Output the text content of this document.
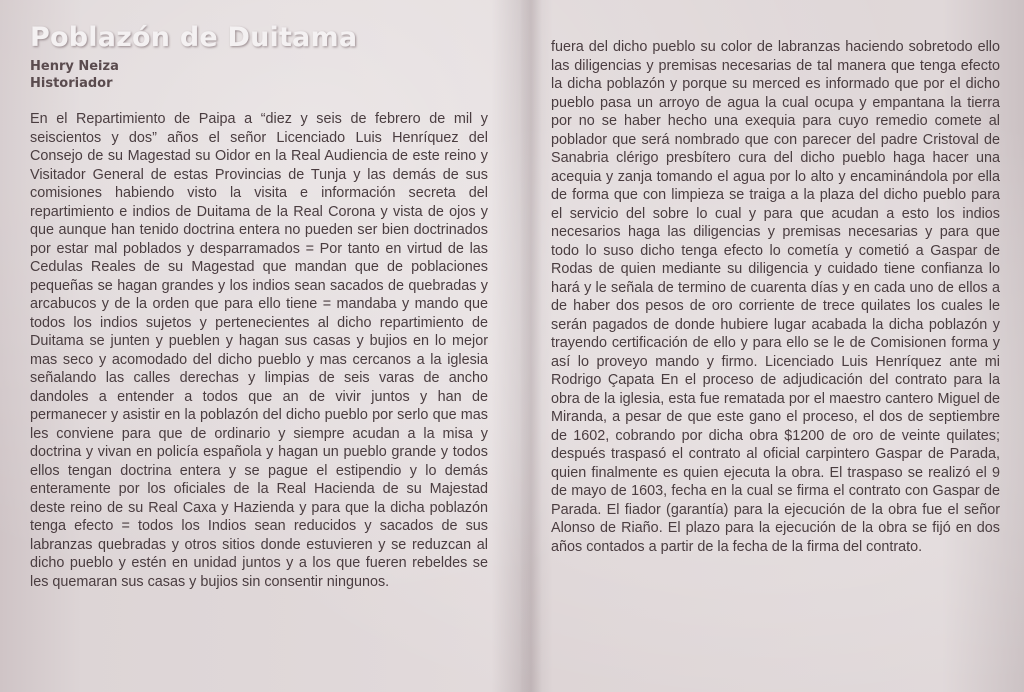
Poblazón de Duitama
Henry Neiza
Historiador

En el Repartimiento de Paipa a “diez y seis de febrero de mil y seiscientos y dos” años el señor Licenciado Luis Henríquez del Consejo de su Magestad su Oidor en la Real Audiencia de este reino y Visitador General de estas Provincias de Tunja y las demás de sus comisiones habiendo visto la visita e información secreta del repartimiento e indios de Duitama de la Real Corona y vista de ojos y que aunque han tenido doctrina entera no pueden ser bien doctrinados por estar mal poblados y desparramados = Por tanto en virtud de las Cedulas Reales de su Magestad que mandan que de poblaciones pequeñas se hagan grandes y los indios sean sacados de quebradas y arcabucos y de la orden que para ello tiene = mandaba y mando que todos los indios sujetos y pertenecientes al dicho repartimiento de Duitama se junten y pueblen y hagan sus casas y bujios en lo mejor mas seco y acomodado del dicho pueblo y mas cercanos a la iglesia señalando las calles derechas y limpias de seis varas de ancho dandoles a entender a todos que an de vivir juntos y han de permanecer y asistir en la poblazón del dicho pueblo por serlo que mas les conviene para que de ordinario y siempre acudan a la misa y doctrina y vivan en policía española y hagan un pueblo grande y todos ellos tengan doctrina entera y se pague el estipendio y lo demás enteramente por los oficiales de la Real Hacienda de su Majestad deste reino de su Real Caxa y Hazienda y para que la dicha poblazón tenga efecto = todos los Indios sean reducidos y sacados de sus labranzas quebradas y otros sitios donde estuvieren y se reduzcan al dicho pueblo y estén en unidad juntos y a los que fueren rebeldes se les quemaran sus casas y bujios sin consentir ningunos.

fuera del dicho pueblo su color de labranzas haciendo sobretodo ello las diligencias y premisas necesarias de tal manera que tenga efecto la dicha poblazón y porque su merced es informado que por el dicho pueblo pasa un arroyo de agua la cual ocupa y empantana la tierra por no se haber hecho una exequia para cuyo remedio comete al poblador que será nombrado que con parecer del padre Cristoval de Sanabria clérigo presbítero cura del dicho pueblo haga hacer una acequia y zanja tomando el agua por lo alto y encaminándola por ella de forma que con limpieza se traiga a la plaza del dicho pueblo para el servicio del sobre lo cual y para que acudan a esto los indios necesarios haga las diligencias y premisas necesarias y para que todo lo suso dicho tenga efecto lo cometía y cometió a Gaspar de Rodas de quien mediante su diligencia y cuidado tiene confianza lo hará y le señala de termino de cuarenta días y en cada uno de ellos a de haber dos pesos de oro corriente de trece quilates los cuales le serán pagados de donde hubiere lugar acabada la dicha poblazón y trayendo certificación de ello y para ello se le de Comisionen forma y así lo proveyo mando y firmo. Licenciado Luis Henríquez ante mi Rodrigo Çapata En el proceso de adjudicación del contrato para la obra de la iglesia, esta fue rematada por el maestro cantero Miguel de Miranda, a pesar de que este gano el proceso, el dos de septiembre de 1602, cobrando por dicha obra $1200 de oro de veinte quilates; después traspasó el contrato al oficial carpintero Gaspar de Parada, quien finalmente es quien ejecuta la obra. El traspaso se realizó el 9 de mayo de 1603, fecha en la cual se firma el contrato con Gaspar de Parada. El fiador (garantía) para la ejecución de la obra fue el señor Alonso de Riaño. El plazo para la ejecución de la obra se fijó en dos años contados a partir de la fecha de la firma del contrato.
